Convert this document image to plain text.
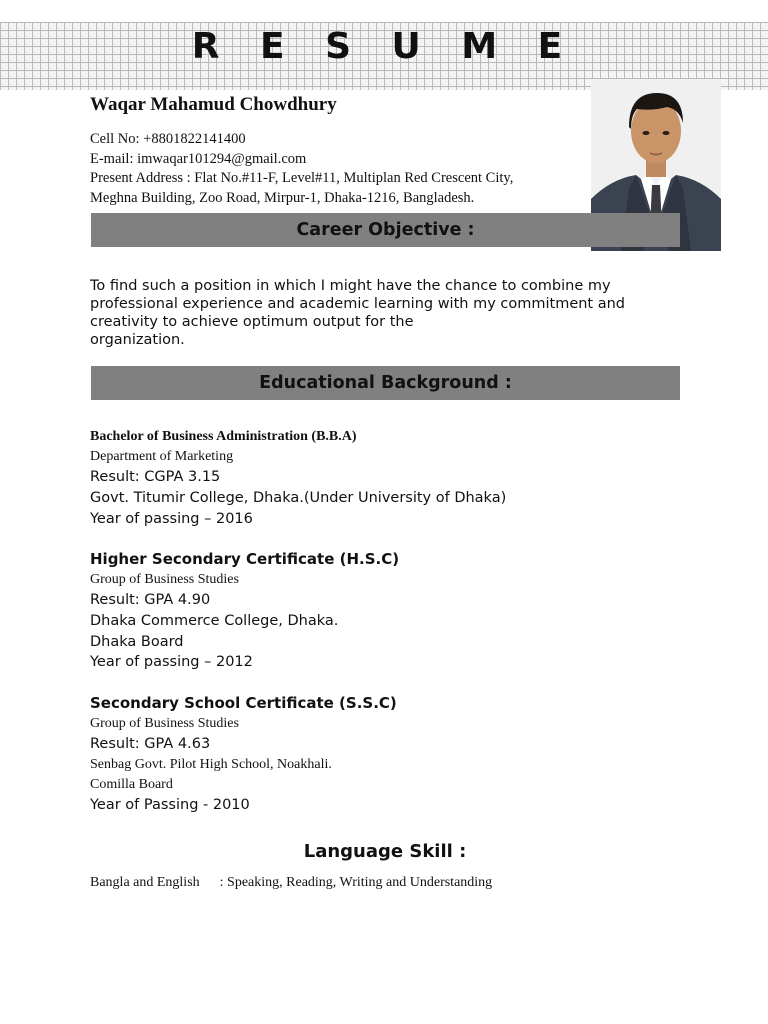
R E S U M E
Waqar Mahamud Chowdhury
Cell No: +8801822141400
E-mail: imwaqar101294@gmail.com
Present Address : Flat No.#11-F, Level#11, Multiplan Red Crescent City,
Meghna Building, Zoo Road, Mirpur-1, Dhaka-1216, Bangladesh.
Career Objective :
To find such a position in which I might have the chance to combine my
professional experience and academic learning with my commitment and
creativity to achieve optimum output for the
organization.
Educational Background :
Bachelor of Business Administration (B.B.A)
Department of Marketing
Result: CGPA 3.15
Govt. Titumir College, Dhaka.(Under University of Dhaka)
Year of passing – 2016
Higher Secondary Certificate (H.S.C)
Group of Business Studies
Result: GPA 4.90
Dhaka Commerce College, Dhaka.
Dhaka Board
Year of passing – 2012
Secondary School Certificate (S.S.C)
Group of Business Studies
Result: GPA 4.63
Senbag Govt. Pilot High School, Noakhali.
Comilla Board
Year of Passing - 2010
Language Skill :
Bangla and English : Speaking, Reading, Writing and Understanding
